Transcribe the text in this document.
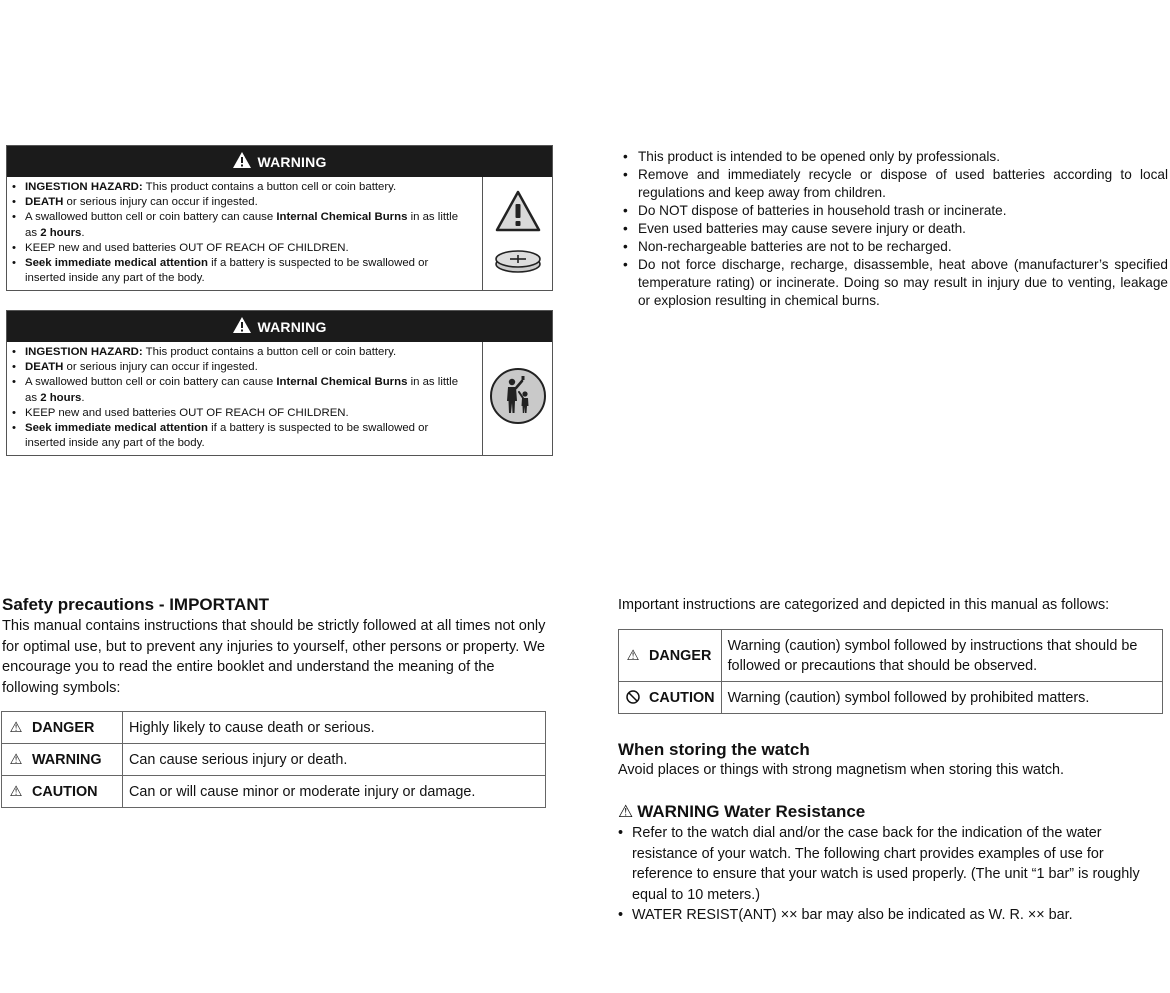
WARNING
• INGESTION HAZARD: This product contains a button cell or coin battery.
• DEATH or serious injury can occur if ingested.
• A swallowed button cell or coin battery can cause Internal Chemical Burns in as little as 2 hours.
• KEEP new and used batteries OUT OF REACH OF CHILDREN.
• Seek immediate medical attention if a battery is suspected to be swallowed or inserted inside any part of the body.
WARNING
• INGESTION HAZARD: This product contains a button cell or coin battery.
• DEATH or serious injury can occur if ingested.
• A swallowed button cell or coin battery can cause Internal Chemical Burns in as little as 2 hours.
• KEEP new and used batteries OUT OF REACH OF CHILDREN.
• Seek immediate medical attention if a battery is suspected to be swallowed or inserted inside any part of the body.
• This product is intended to be opened only by professionals.
• Remove and immediately recycle or dispose of used batteries according to local regulations and keep away from children.
• Do NOT dispose of batteries in household trash or incinerate.
• Even used batteries may cause severe injury or death.
• Non-rechargeable batteries are not to be recharged.
• Do not force discharge, recharge, disassemble, heat above (manufacturer’s specified temperature rating) or incinerate. Doing so may result in injury due to venting, leakage or explosion resulting in chemical burns.
Safety precautions - IMPORTANT
This manual contains instructions that should be strictly followed at all times not only for optimal use, but to prevent any injuries to yourself, other persons or property. We encourage you to read the entire booklet and understand the meaning of the following symbols:
⚠ DANGER	Highly likely to cause death or serious.
⚠ WARNING	Can cause serious injury or death.
⚠ CAUTION	Can or will cause minor or moderate injury or damage.
Important instructions are categorized and depicted in this manual as follows:
⚠ DANGER	Warning (caution) symbol followed by instructions that should be followed or precautions that should be observed.
CAUTION	Warning (caution) symbol followed by prohibited matters.
When storing the watch
Avoid places or things with strong magnetism when storing this watch.
⚠ WARNING Water Resistance
• Refer to the watch dial and/or the case back for the indication of the water resistance of your watch. The following chart provides examples of use for reference to ensure that your watch is used properly. (The unit “1 bar” is roughly equal to 10 meters.)
• WATER RESIST(ANT) ×× bar may also be indicated as W. R. ×× bar.
